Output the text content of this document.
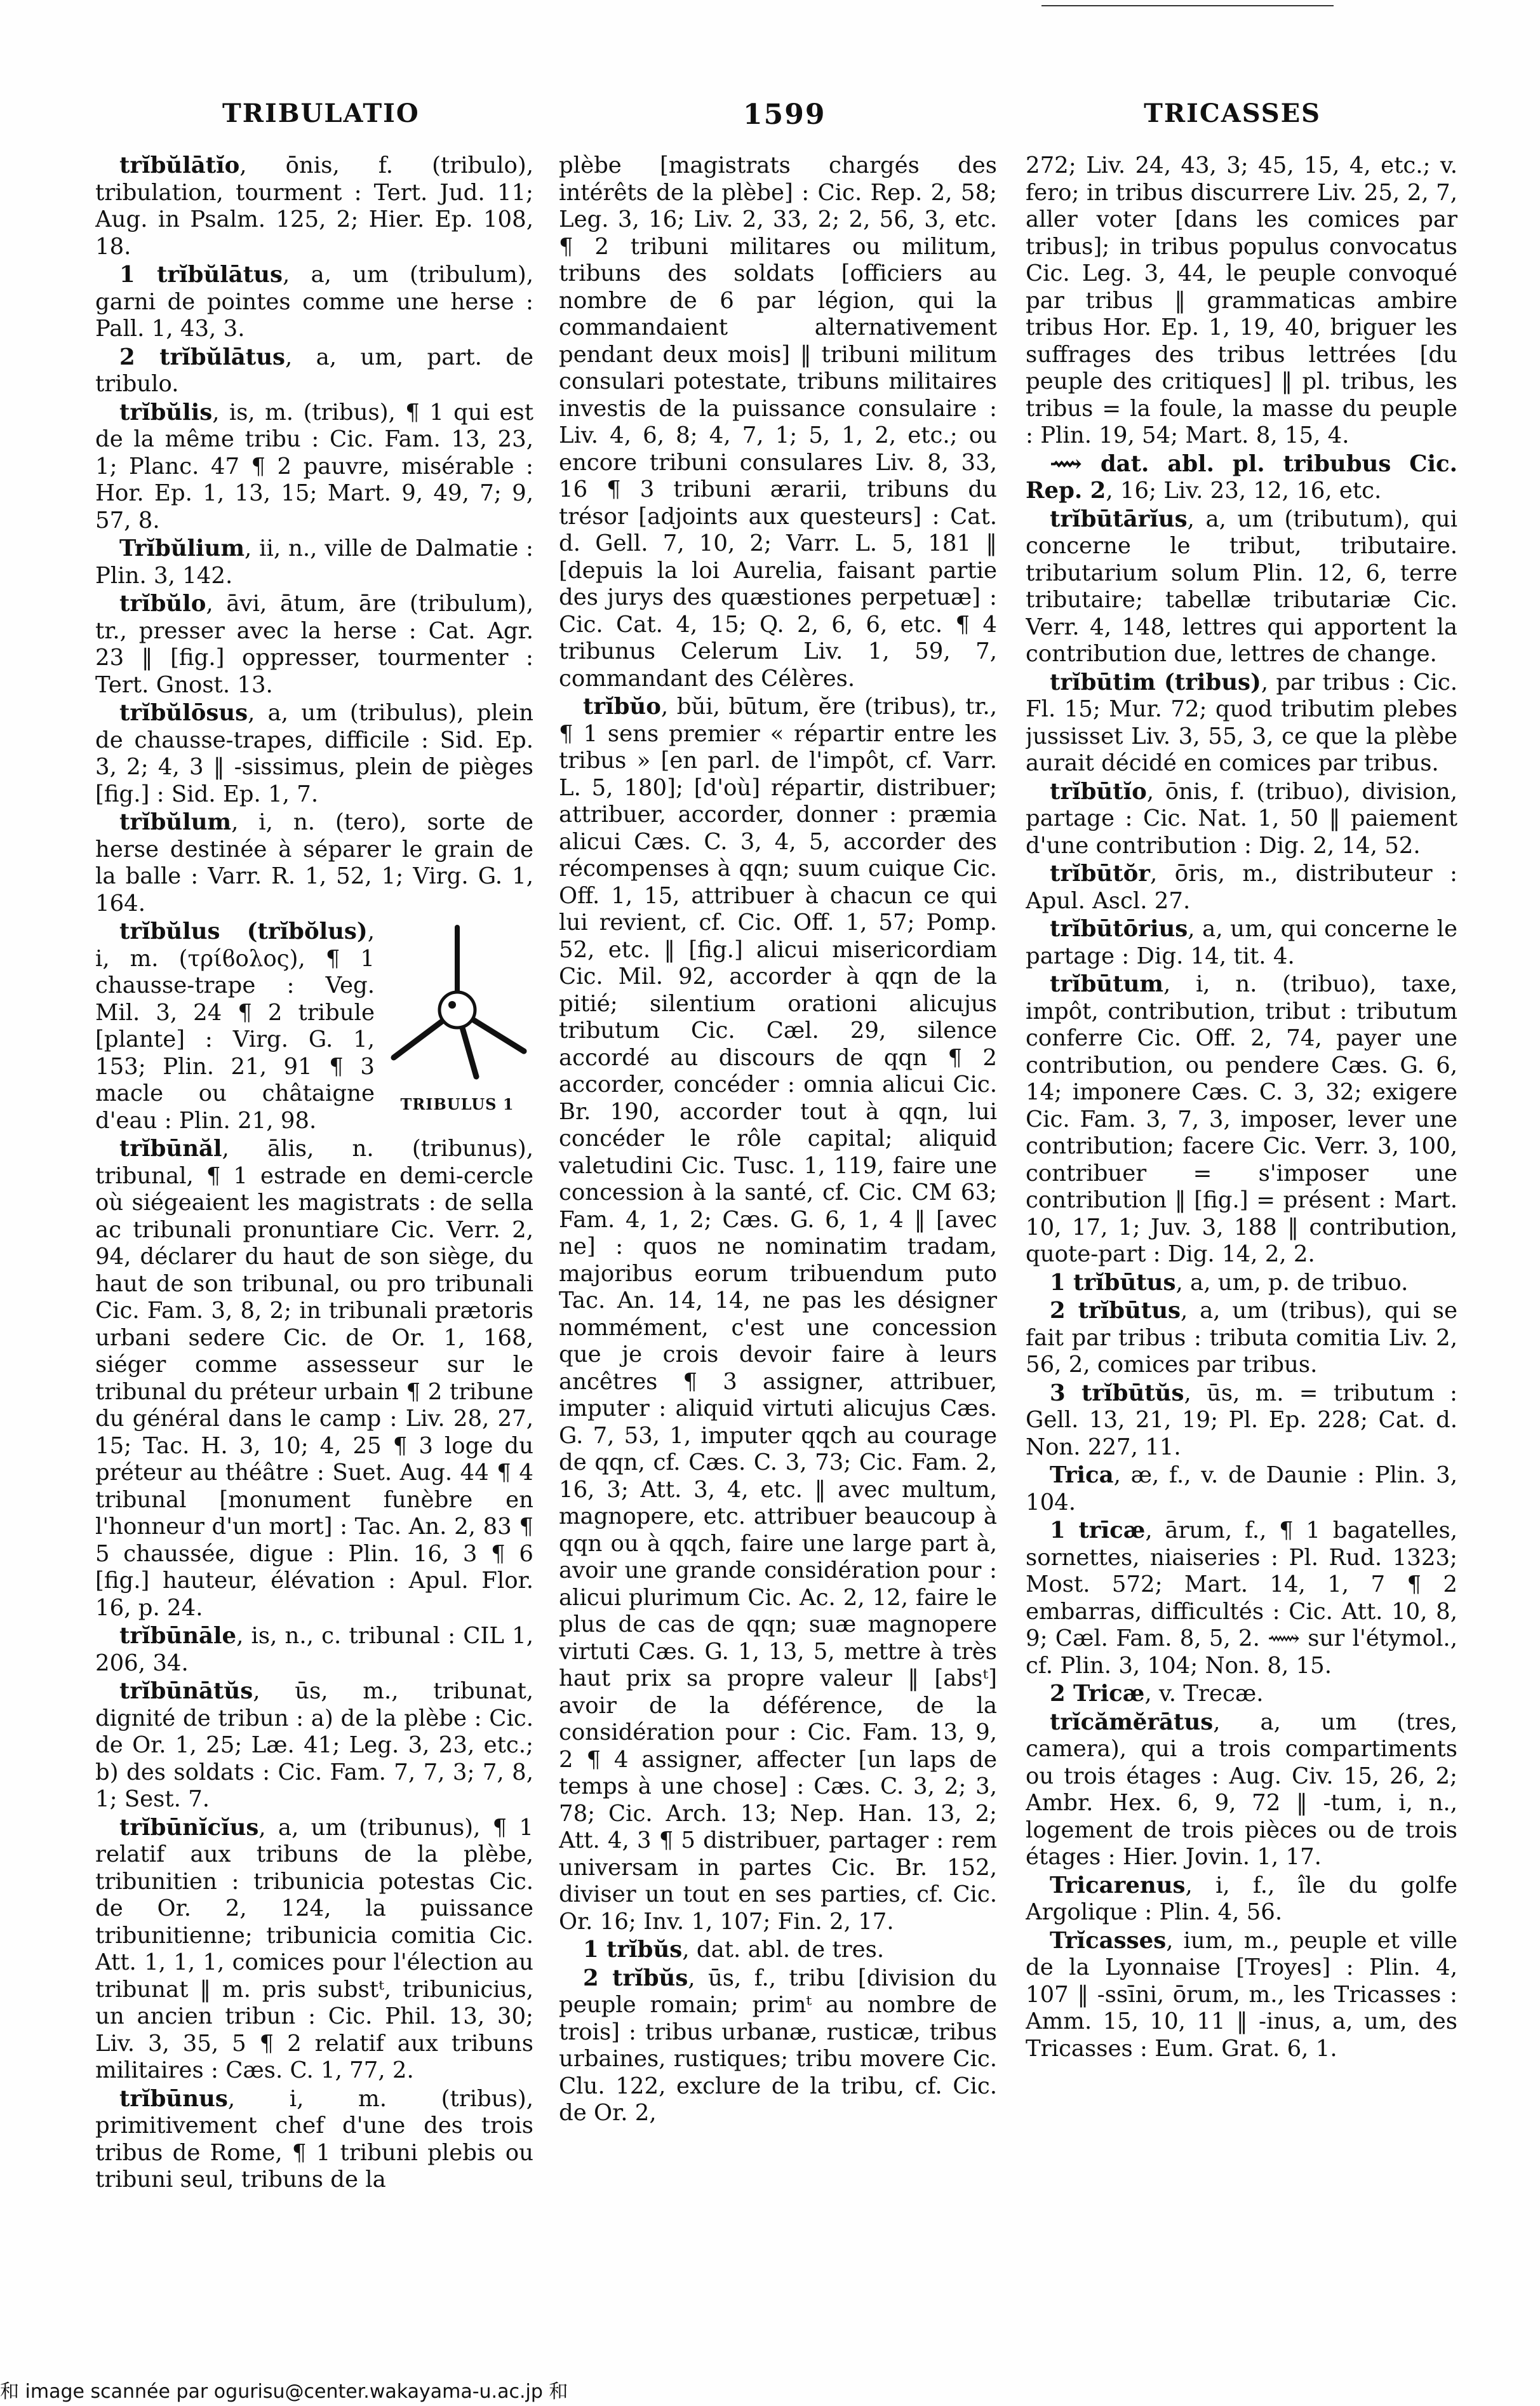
TRIBULATIO	1599	TRICASSES

trĭbŭlātĭo, ōnis, f. (tribulo), tribulation, tourment : Tert. Jud. 11; Aug. in Psalm. 125, 2; Hier. Ep. 108, 18.

1 trĭbŭlātus, a, um (tribulum), garni de pointes comme une herse : Pall. 1, 43, 3.

2 trĭbŭlātus, a, um, part. de tribulo.

trĭbŭlis, is, m. (tribus), ¶ 1 qui est de la même tribu : Cic. Fam. 13, 23, 1; Planc. 47 ¶ 2 pauvre, misérable : Hor. Ep. 1, 13, 15; Mart. 9, 49, 7; 9, 57, 8.

Trĭbŭlium, ii, n., ville de Dalmatie : Plin. 3, 142.

trĭbŭlo, āvi, ātum, āre (tribulum), tr., presser avec la herse : Cat. Agr. 23 ‖ [fig.] oppresser, tourmenter : Tert. Gnost. 13.

trĭbŭlōsus, a, um (tribulus), plein de chausse-trapes, difficile : Sid. Ep. 3, 2; 4, 3 ‖ -sissimus, plein de pièges [fig.] : Sid. Ep. 1, 7.

trĭbŭlum, i, n. (tero), sorte de herse destinée à séparer le grain de la balle : Varr. R. 1, 52, 1; Virg. G. 1, 164.

TRIBULUS 1

trĭbŭlus (trĭbŏlus), i, m. (τρίϐολος), ¶ 1 chausse-trape : Veg. Mil. 3, 24 ¶ 2 tribule [plante] : Virg. G. 1, 153; Plin. 21, 91 ¶ 3 macle ou châtaigne d'eau : Plin. 21, 98.

trĭbūnăl, ālis, n. (tribunus), tribunal, ¶ 1 estrade en demi-cercle où siégeaient les magistrats : de sella ac tribunali pronuntiare Cic. Verr. 2, 94, déclarer du haut de son siège, du haut de son tribunal, ou pro tribunali Cic. Fam. 3, 8, 2; in tribunali prætoris urbani sedere Cic. de Or. 1, 168, siéger comme assesseur sur le tribunal du préteur urbain ¶ 2 tribune du général dans le camp : Liv. 28, 27, 15; Tac. H. 3, 10; 4, 25 ¶ 3 loge du préteur au théâtre : Suet. Aug. 44 ¶ 4 tribunal [monument funèbre en l'honneur d'un mort] : Tac. An. 2, 83 ¶ 5 chaussée, digue : Plin. 16, 3 ¶ 6 [fig.] hauteur, élévation : Apul. Flor. 16, p. 24.

trĭbūnāle, is, n., c. tribunal : CIL 1, 206, 34.

trĭbūnātŭs, ūs, m., tribunat, dignité de tribun : a) de la plèbe : Cic. de Or. 1, 25; Læ. 41; Leg. 3, 23, etc.; b) des soldats : Cic. Fam. 7, 7, 3; 7, 8, 1; Sest. 7.

trĭbūnĭcĭus, a, um (tribunus), ¶ 1 relatif aux tribuns de la plèbe, tribunitien : tribunicia potestas Cic. de Or. 2, 124, la puissance tribunitienne; tribunicia comitia Cic. Att. 1, 1, 1, comices pour l'élection au tribunat ‖ m. pris substᵗ, tribunicius, un ancien tribun : Cic. Phil. 13, 30; Liv. 3, 35, 5 ¶ 2 relatif aux tribuns militaires : Cæs. C. 1, 77, 2.

trĭbūnus, i, m. (tribus), primitivement chef d'une des trois tribus de Rome, ¶ 1 tribuni plebis ou tribuni seul, tribuns de la

plèbe [magistrats chargés des intérêts de la plèbe] : Cic. Rep. 2, 58; Leg. 3, 16; Liv. 2, 33, 2; 2, 56, 3, etc. ¶ 2 tribuni militares ou militum, tribuns des soldats [officiers au nombre de 6 par légion, qui la commandaient alternativement pendant deux mois] ‖ tribuni militum consulari potestate, tribuns militaires investis de la puissance consulaire : Liv. 4, 6, 8; 4, 7, 1; 5, 1, 2, etc.; ou encore tribuni consulares Liv. 8, 33, 16 ¶ 3 tribuni ærarii, tribuns du trésor [adjoints aux questeurs] : Cat. d. Gell. 7, 10, 2; Varr. L. 5, 181 ‖ [depuis la loi Aurelia, faisant partie des jurys des quæstiones perpetuæ] : Cic. Cat. 4, 15; Q. 2, 6, 6, etc. ¶ 4 tribunus Celerum Liv. 1, 59, 7, commandant des Célères.

trĭbŭo, bŭi, būtum, ĕre (tribus), tr., ¶ 1 sens premier « répartir entre les tribus » [en parl. de l'impôt, cf. Varr. L. 5, 180]; [d'où] répartir, distribuer; attribuer, accorder, donner : præmia alicui Cæs. C. 3, 4, 5, accorder des récompenses à qqn; suum cuique Cic. Off. 1, 15, attribuer à chacun ce qui lui revient, cf. Cic. Off. 1, 57; Pomp. 52, etc. ‖ [fig.] alicui misericordiam Cic. Mil. 92, accorder à qqn de la pitié; silentium orationi alicujus tributum Cic. Cæl. 29, silence accordé au discours de qqn ¶ 2 accorder, concéder : omnia alicui Cic. Br. 190, accorder tout à qqn, lui concéder le rôle capital; aliquid valetudini Cic. Tusc. 1, 119, faire une concession à la santé, cf. Cic. CM 63; Fam. 4, 1, 2; Cæs. G. 6, 1, 4 ‖ [avec ne] : quos ne nominatim tradam, majoribus eorum tribuendum puto Tac. An. 14, 14, ne pas les désigner nommément, c'est une concession que je crois devoir faire à leurs ancêtres ¶ 3 assigner, attribuer, imputer : aliquid virtuti alicujus Cæs. G. 7, 53, 1, imputer qqch au courage de qqn, cf. Cæs. C. 3, 73; Cic. Fam. 2, 16, 3; Att. 3, 4, etc. ‖ avec multum, magnopere, etc. attribuer beaucoup à qqn ou à qqch, faire une large part à, avoir une grande considération pour : alicui plurimum Cic. Ac. 2, 12, faire le plus de cas de qqn; suæ magnopere virtuti Cæs. G. 1, 13, 5, mettre à très haut prix sa propre valeur ‖ [absᵗ] avoir de la déférence, de la considération pour : Cic. Fam. 13, 9, 2 ¶ 4 assigner, affecter [un laps de temps à une chose] : Cæs. C. 3, 2; 3, 78; Cic. Arch. 13; Nep. Han. 13, 2; Att. 4, 3 ¶ 5 distribuer, partager : rem universam in partes Cic. Br. 152, diviser un tout en ses parties, cf. Cic. Or. 16; Inv. 1, 107; Fin. 2, 17.

1 trĭbŭs, dat. abl. de tres.

2 trĭbŭs, ūs, f., tribu [division du peuple romain; primᵗ au nombre de trois] : tribus urbanæ, rusticæ, tribus urbaines, rustiques; tribu movere Cic. Clu. 122, exclure de la tribu, cf. Cic. de Or. 2,

272; Liv. 24, 43, 3; 45, 15, 4, etc.; v. fero; in tribus discurrere Liv. 25, 2, 7, aller voter [dans les comices par tribus]; in tribus populus convocatus Cic. Leg. 3, 44, le peuple convoqué par tribus ‖ grammaticas ambire tribus Hor. Ep. 1, 19, 40, briguer les suffrages des tribus lettrées [du peuple des critiques] ‖ pl. tribus, les tribus = la foule, la masse du peuple : Plin. 19, 54; Mart. 8, 15, 4.

⟿ dat. abl. pl. tribubus Cic. Rep. 2, 16; Liv. 23, 12, 16, etc.

trĭbūtārĭus, a, um (tributum), qui concerne le tribut, tributaire. tributarium solum Plin. 12, 6, terre tributaire; tabellæ tributariæ Cic. Verr. 4, 148, lettres qui apportent la contribution due, lettres de change.

trĭbūtim (tribus), par tribus : Cic. Fl. 15; Mur. 72; quod tributim plebes jussisset Liv. 3, 55, 3, ce que la plèbe aurait décidé en comices par tribus.

trĭbūtĭo, ōnis, f. (tribuo), division, partage : Cic. Nat. 1, 50 ‖ paiement d'une contribution : Dig. 2, 14, 52.

trĭbūtŏr, ōris, m., distributeur : Apul. Ascl. 27.

trĭbūtōrius, a, um, qui concerne le partage : Dig. 14, tit. 4.

trĭbūtum, i, n. (tribuo), taxe, impôt, contribution, tribut : tributum conferre Cic. Off. 2, 74, payer une contribution, ou pendere Cæs. G. 6, 14; imponere Cæs. C. 3, 32; exigere Cic. Fam. 3, 7, 3, imposer, lever une contribution; facere Cic. Verr. 3, 100, contribuer = s'imposer une contribution ‖ [fig.] = présent : Mart. 10, 17, 1; Juv. 3, 188 ‖ contribution, quote-part : Dig. 14, 2, 2.

1 trĭbūtus, a, um, p. de tribuo.

2 trĭbūtus, a, um (tribus), qui se fait par tribus : tributa comitia Liv. 2, 56, 2, comices par tribus.

3 trĭbūtŭs, ūs, m. = tributum : Gell. 13, 21, 19; Pl. Ep. 228; Cat. d. Non. 227, 11.

Trica, æ, f., v. de Daunie : Plin. 3, 104.

1 trīcæ, ārum, f., ¶ 1 bagatelles, sornettes, niaiseries : Pl. Rud. 1323; Most. 572; Mart. 14, 1, 7 ¶ 2 embarras, difficultés : Cic. Att. 10, 8, 9; Cæl. Fam. 8, 5, 2. ⟿ sur l'étymol., cf. Plin. 3, 104; Non. 8, 15.

2 Tricæ, v. Trecæ.

trĭcămĕrātus, a, um (tres, camera), qui a trois compartiments ou trois étages : Aug. Civ. 15, 26, 2; Ambr. Hex. 6, 9, 72 ‖ -tum, i, n., logement de trois pièces ou de trois étages : Hier. Jovin. 1, 17.

Tricarenus, i, f., île du golfe Argolique : Plin. 4, 56.

Trĭcasses, ium, m., peuple et ville de la Lyonnaise [Troyes] : Plin. 4, 107 ‖ -ssīni, ōrum, m., les Tricasses : Amm. 15, 10, 11 ‖ -inus, a, um, des Tricasses : Eum. Grat. 6, 1.

和 image scannée par ogurisu@center.wakayama-u.ac.jp 和
